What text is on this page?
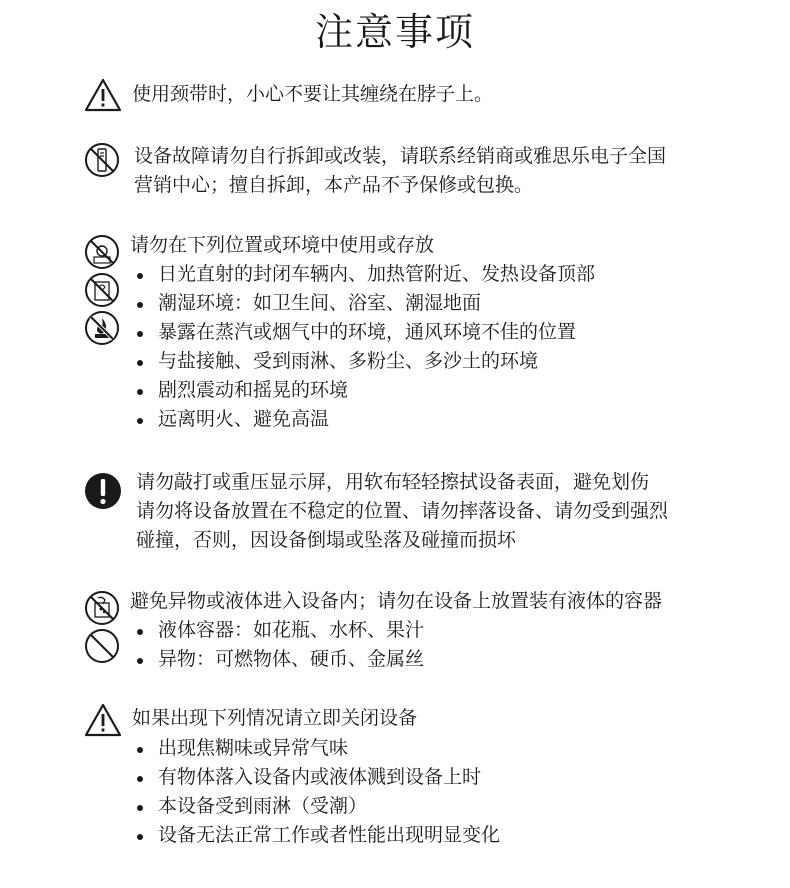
注意事项
使用颈带时，小心不要让其缠绕在脖子上。
设备故障请勿自行拆卸或改装，请联系经销商或雅思乐电子全国
营销中心；擅自拆卸，本产品不予保修或包换。
请勿在下列位置或环境中使用或存放
日光直射的封闭车辆内、加热管附近、发热设备顶部
潮湿环境：如卫生间、浴室、潮湿地面
暴露在蒸汽或烟气中的环境，通风环境不佳的位置
与盐接触、受到雨淋、多粉尘、多沙土的环境
剧烈震动和摇晃的环境
远离明火、避免高温
请勿敲打或重压显示屏，用软布轻轻擦拭设备表面，避免划伤
请勿将设备放置在不稳定的位置、请勿摔落设备、请勿受到强烈
碰撞，否则，因设备倒塌或坠落及碰撞而损坏
避免异物或液体进入设备内；请勿在设备上放置装有液体的容器
液体容器：如花瓶、水杯、果汁
异物：可燃物体、硬币、金属丝
如果出现下列情况请立即关闭设备
出现焦糊味或异常气味
有物体落入设备内或液体溅到设备上时
本设备受到雨淋（受潮）
设备无法正常工作或者性能出现明显变化
